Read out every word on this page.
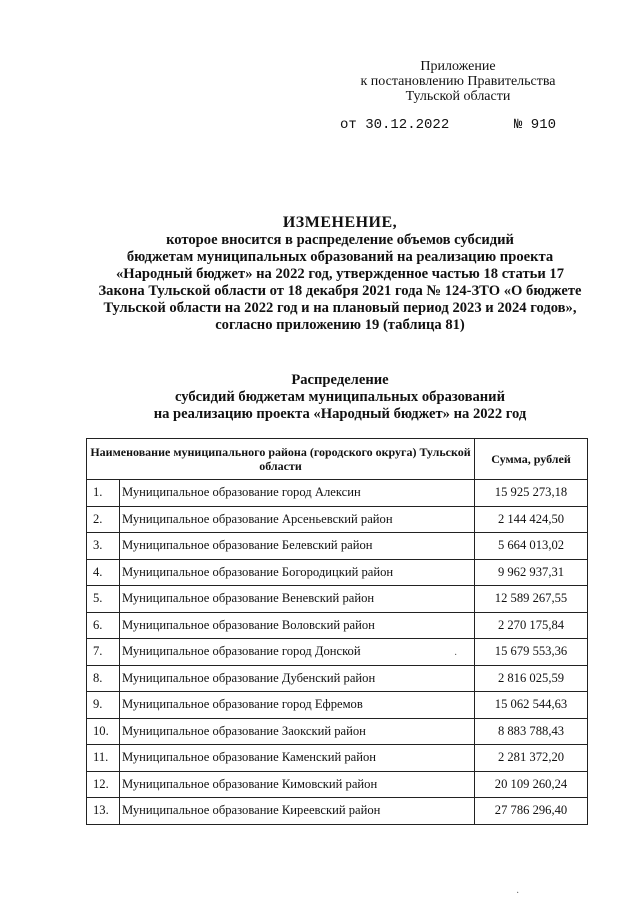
Приложение
к постановлению Правительства
Тульской области
от 30.12.2022	№ 910
ИЗМЕНЕНИЕ,
которое вносится в распределение объемов субсидий
бюджетам муниципальных образований на реализацию проекта
«Народный бюджет» на 2022 год, утвержденное частью 18 статьи 17
Закона Тульской области от 18 декабря 2021 года № 124-ЗТО «О бюджете
Тульской области на 2022 год и на плановый период 2023 и 2024 годов»,
согласно приложению 19 (таблица 81)
Распределение
субсидий бюджетам муниципальных образований
на реализацию проекта «Народный бюджет» на 2022 год
Наименование муниципального района (городского округа) Тульской области		Сумма, рублей
1.	Муниципальное образование город Алексин	15 925 273,18
2.	Муниципальное образование Арсеньевский район	2 144 424,50
3.	Муниципальное образование Белевский район	5 664 013,02
4.	Муниципальное образование Богородицкий район	9 962 937,31
5.	Муниципальное образование Веневский район	12 589 267,55
6.	Муниципальное образование Воловский район	2 270 175,84
7.	Муниципальное образование город Донской	15 679 553,36
8.	Муниципальное образование Дубенский район	2 816 025,59
9.	Муниципальное образование город Ефремов	15 062 544,63
10.	Муниципальное образование Заокский район	8 883 788,43
11.	Муниципальное образование Каменский район	2 281 372,20
12.	Муниципальное образование Кимовский район	20 109 260,24
13.	Муниципальное образование Киреевский район	27 786 296,40
·
·
